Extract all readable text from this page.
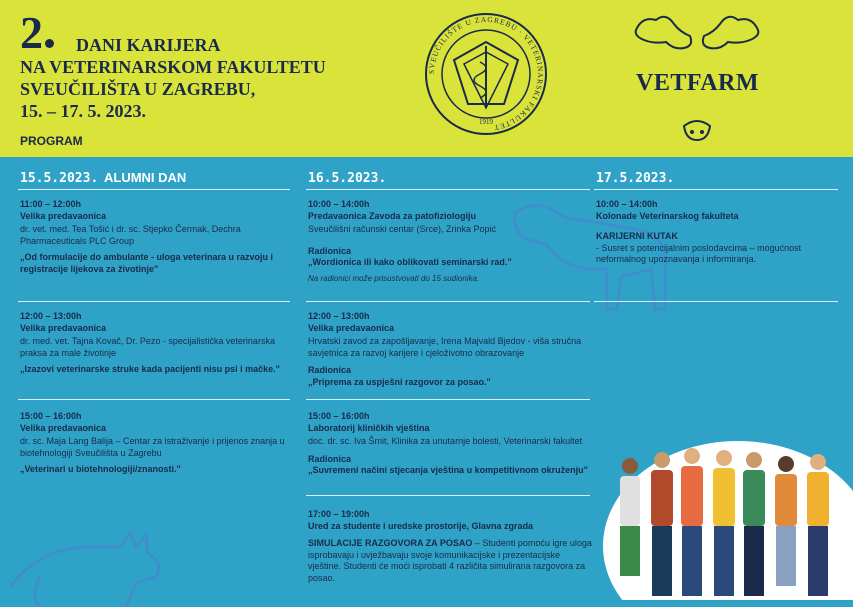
2	DANI KARIJERA
NA VETERINARSKOM FAKULTETU
SVEUČILIŠTA U ZAGREBU,
15. – 17. 5. 2023.
PROGRAM
SVEUČILIŠTE U ZAGREBU · VETERINARSKI FAKULTET
1919
VETFARM
15.5.2023. ALUMNI DAN	16.5.2023.	17.5.2023.
11:00 – 12:00h
Velika predavaonica
dr. vet. med. Tea Tošić i dr. sc. Stjepko Čermak, Dechra Pharmaceuticals PLC Group
„Od formulacije do ambulante - uloga veterinara u razvoju i registracije lijekova za životinje"
12:00 – 13:00h
Velika predavaonica
dr. med. vet. Tajna Kovač, Dr. Pezo - specijalistička veterinarska praksa za male životinje
„Izazovi veterinarske struke kada pacijenti nisu psi i mačke."
15:00 – 16:00h
Velika predavaonica
dr. sc. Maja Lang Balija – Centar za istraživanje i prijenos znanja u biotehnologiji Sveučilišta u Zagrebu
„Veterinari u biotehnologiji/znanosti."
10:00 – 14:00h
Predavaonica Zavoda za patofiziologiju
Sveučilišni računski centar (Srce), Zrinka Popić
Radionica
„Wordionica ili kako oblikovati seminarski rad."
Na radionici može prisustvovati do 15 sudionika.
12:00 – 13:00h
Velika predavaonica
Hrvatski zavod za zapošljavanje, Irena Majvald Bjedov - viša stručna savjetnica za razvoj karijere i cjeloživotno obrazovanje
Radionica
„Priprema za uspješni razgovor za posao."
15:00 – 16:00h
Laboratorij kliničkih vještina
doc. dr. sc. Iva Šmit, Klinika za unutarnje bolesti, Veterinarski fakultet
Radionica
„Suvremeni načini stjecanja vještina u kompetitivnom okruženju"
17:00 – 19:00h
Ured za studente i uredske prostorije, Glavna zgrada
SIMULACIJE RAZGOVORA ZA POSAO – Studenti pomoću igre uloga isprobavaju i uvježbavaju svoje komunikacijske i prezentacijske vještine. Studenti će moći isprobati 4 različita simulirana razgovora za posao.
10:00 – 14:00h
Kolonade Veterinarskog fakulteta
KARIJERNI KUTAK
- Susret s potencijalnim poslodavcima – mogućnost neformalnog upoznavanja i informiranja.
